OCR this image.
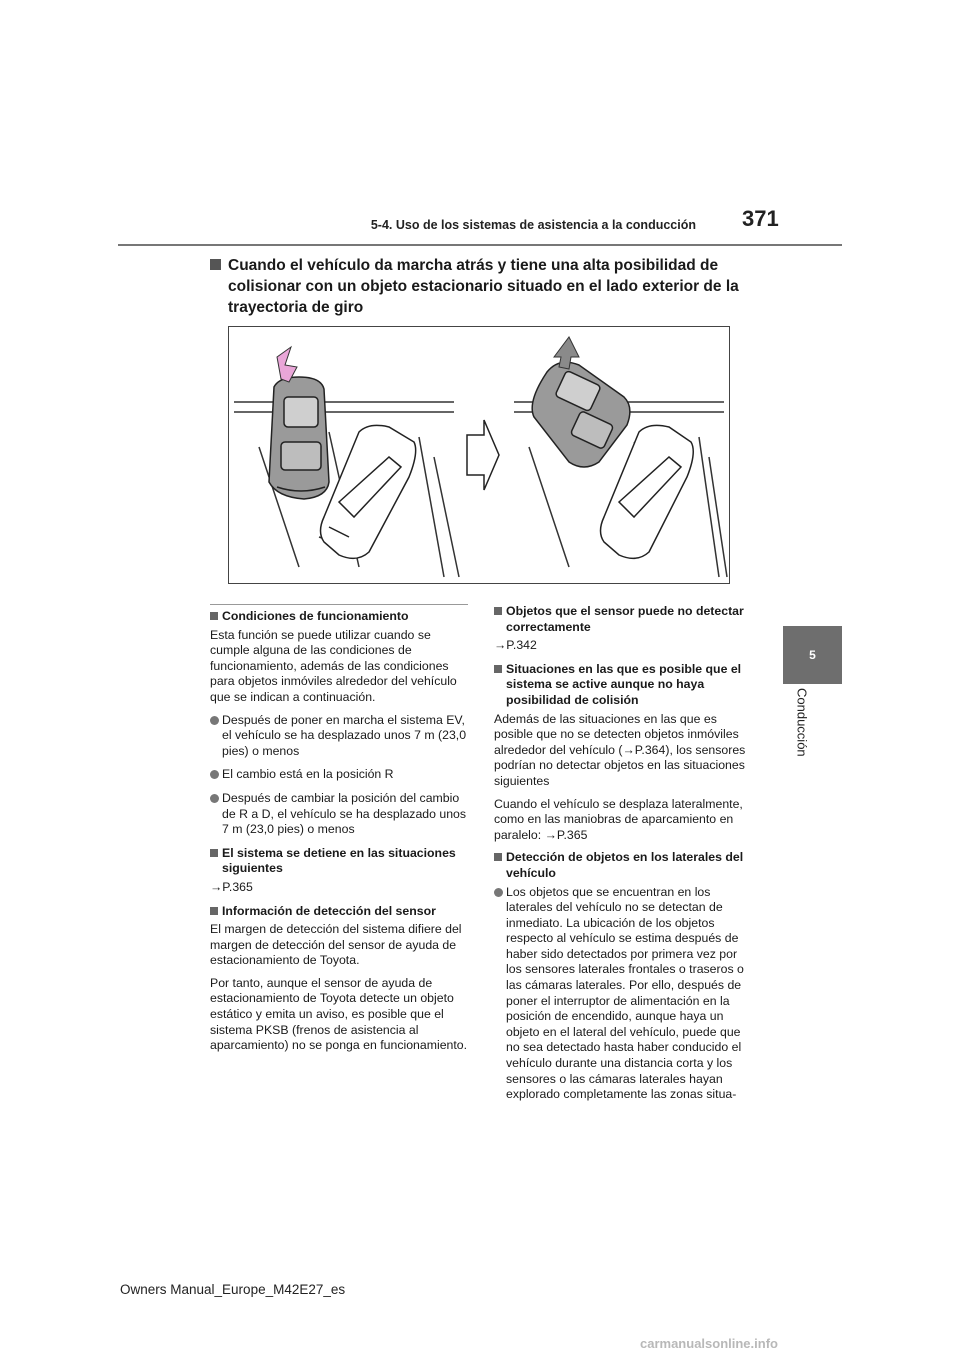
5-4. Uso de los sistemas de asistencia a la conducción 371
5
Conducción
Cuando el vehículo da marcha atrás y tiene una alta posibilidad de colisionar con un objeto estacionario situado en el lado exterior de la trayectoria de giro

Condiciones de funcionamiento

Esta función se puede utilizar cuando se cumple alguna de las condiciones de funcionamiento, además de las condiciones para objetos inmóviles alrededor del vehículo que se indican a continuación.

Después de poner en marcha el sistema EV, el vehículo se ha desplazado unos 7 m (23,0 pies) o menos
El cambio está en la posición R
Después de cambiar la posición del cambio de R a D, el vehículo se ha desplazado unos 7 m (23,0 pies) o menos

El sistema se detiene en las situaciones siguientes

→P.365

Información de detección del sensor

El margen de detección del sistema difiere del margen de detección del sensor de ayuda de estacionamiento de Toyota.

Por tanto, aunque el sensor de ayuda de estacionamiento de Toyota detecte un objeto estático y emita un aviso, es posible que el sistema PKSB (frenos de asistencia al aparcamiento) no se ponga en funcionamiento.

Objetos que el sensor puede no detectar correctamente

→P.342

Situaciones en las que es posible que el sistema se active aunque no haya posibilidad de colisión

Además de las situaciones en las que es posible que no se detecten objetos inmóviles alrededor del vehículo (→P.364), los sensores podrían no detectar objetos en las situaciones siguientes

Cuando el vehículo se desplaza lateralmente, como en las maniobras de aparcamiento en paralelo: →P.365

Detección de objetos en los laterales del vehículo

Los objetos que se encuentran en los laterales del vehículo no se detectan de inmediato. La ubicación de los objetos respecto al vehículo se estima después de haber sido detectados por primera vez por los sensores laterales frontales o traseros o las cámaras laterales. Por ello, después de poner el interruptor de alimentación en la posición de encendido, aunque haya un objeto en el lateral del vehículo, puede que no sea detectado hasta haber conducido el vehículo durante una distancia corta y los sensores o las cámaras laterales hayan explorado completamente las zonas situa-
Owners Manual_Europe_M42E27_es
carmanualsonline.info
